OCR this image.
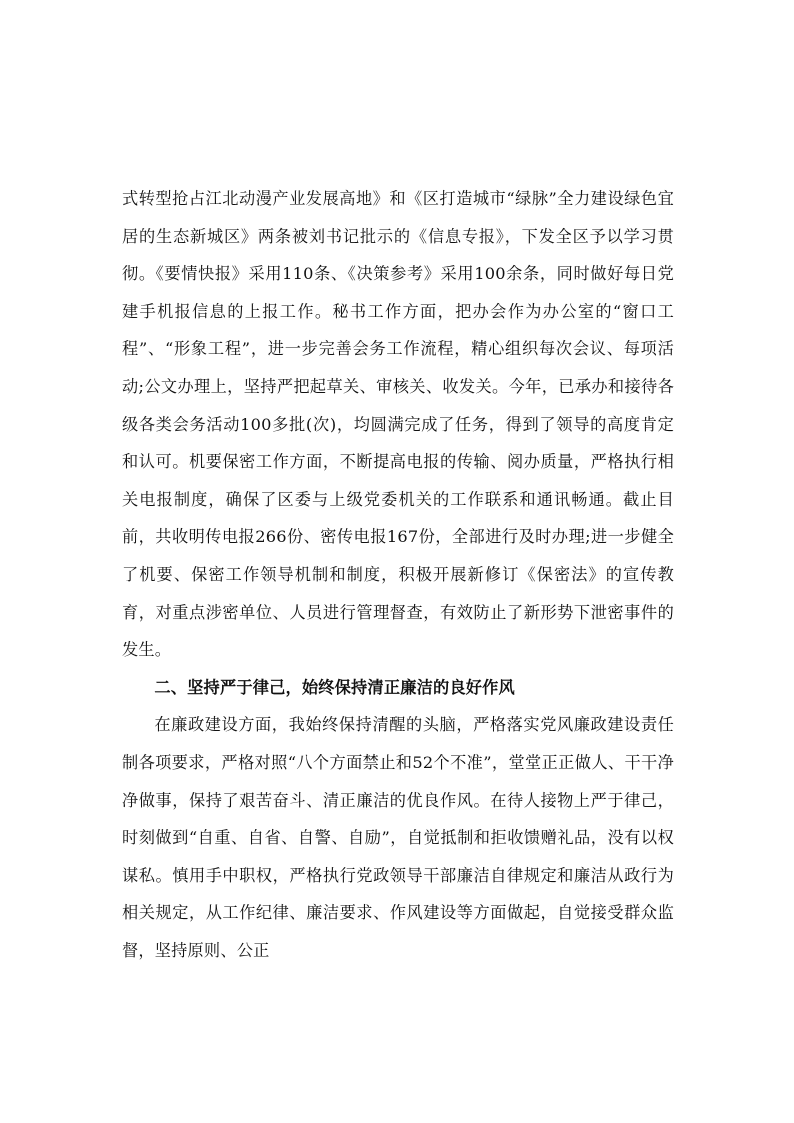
式转型抢占江北动漫产业发展高地》和《区打造城市“绿脉”全力建设绿色宜居的生态新城区》两条被刘书记批示的《信息专报》，下发全区予以学习贯彻。《要情快报》采用110条、《决策参考》采用100余条，同时做好每日党建手机报信息的上报工作。秘书工作方面，把办会作为办公室的“窗口工程”、“形象工程”，进一步完善会务工作流程，精心组织每次会议、每项活动;公文办理上，坚持严把起草关、审核关、收发关。今年，已承办和接待各级各类会务活动100多批(次)，均圆满完成了任务，得到了领导的高度肯定和认可。机要保密工作方面，不断提高电报的传输、阅办质量，严格执行相关电报制度，确保了区委与上级党委机关的工作联系和通讯畅通。截止目前，共收明传电报266份、密传电报167份，全部进行及时办理;进一步健全了机要、保密工作领导机制和制度，积极开展新修订《保密法》的宣传教育，对重点涉密单位、人员进行管理督查，有效防止了新形势下泄密事件的发生。

二、坚持严于律己，始终保持清正廉洁的良好作风

在廉政建设方面，我始终保持清醒的头脑，严格落实党风廉政建设责任制各项要求，严格对照“八个方面禁止和52个不准”，堂堂正正做人、干干净净做事，保持了艰苦奋斗、清正廉洁的优良作风。在待人接物上严于律己，时刻做到“自重、自省、自警、自励”，自觉抵制和拒收馈赠礼品，没有以权谋私。慎用手中职权，严格执行党政领导干部廉洁自律规定和廉洁从政行为相关规定，从工作纪律、廉洁要求、作风建设等方面做起，自觉接受群众监督，坚持原则、公正
